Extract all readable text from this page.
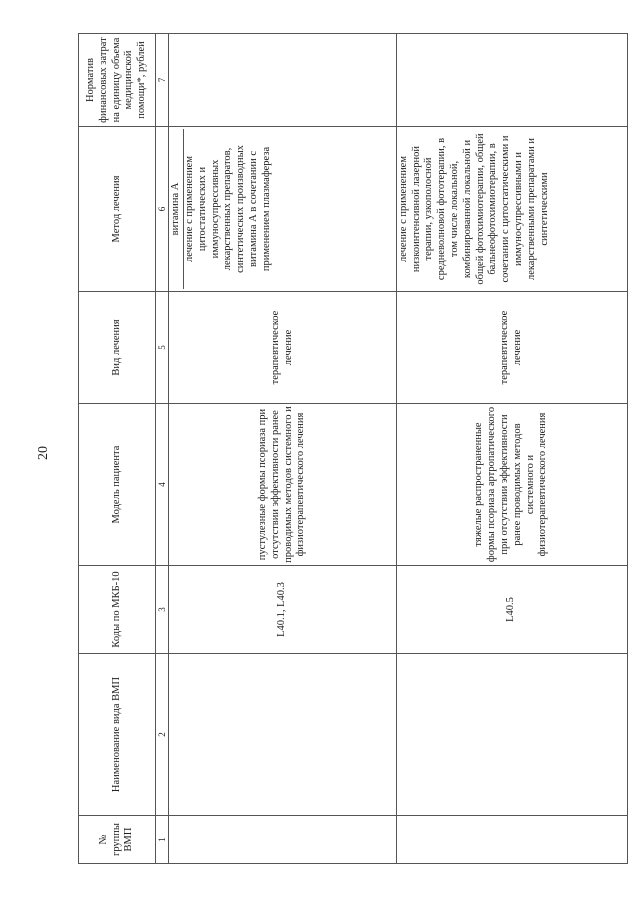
20
№ группы ВМП	Наименование вида ВМП	Коды по МКБ-10	Модель пациента	Вид лечения	Метод лечения	Норматив финансовых затрат на единицу объема медицинской помощи*, рублей
1	2	3	4	5	6	7
		L40.1, L40.3	пустулезные формы псориаза при отсутствии эффективности ранее проводимых методов системного и физиотерапевтического лечения	терапевтическое лечение	витамина А лечение с применением цитостатических и иммуносупрессивных лекарственных препаратов, синтетических производных витамина А в сочетании с применением плазмафереза	

		L40.5	тяжелые распространенные формы псориаза артропатического при отсутствии эффективности ранее проводимых методов системного и физиотерапевтического лечения	терапевтическое лечение	лечение с применением низкоинтенсивной лазерной терапии, узкополосной средневолновой фототерапии, в том числе локальной, комбинированной локальной и общей фотохимиотерапии, общей бальнеофотохимиотерапии, в сочетании с цитостатическими и иммуносупрессивными и лекарственными препаратами и синтетическими	
